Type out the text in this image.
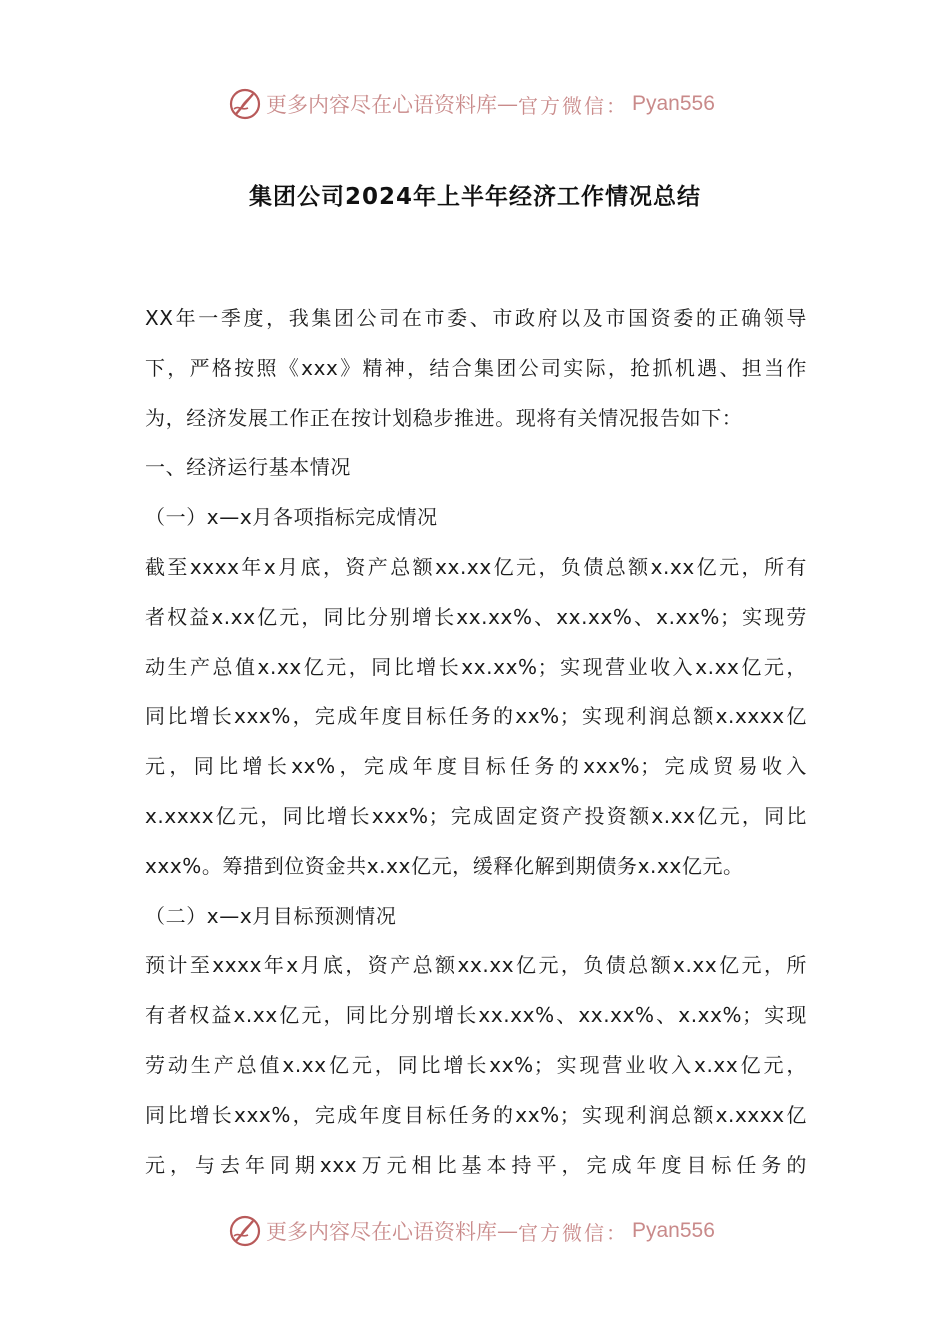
更多内容尽在心语资料库 — 官方微信： Pyan556
集团公司2024年上半年经济工作情况总结
XX年一季度，我集团公司在市委、市政府以及市国资委的正确领导
下，严格按照《xxx》精神，结合集团公司实际，抢抓机遇、担当作
为，经济发展工作正在按计划稳步推进。现将有关情况报告如下：
一、经济运行基本情况
（一）x—x月各项指标完成情况
截至xxxx年x月底，资产总额xx.xx亿元，负债总额x.xx亿元，所有
者权益x.xx亿元，同比分别增长xx.xx%、xx.xx%、x.xx%；实现劳
动生产总值x.xx亿元，同比增长xx.xx%；实现营业收入x.xx亿元，
同比增长xxx%，完成年度目标任务的xx%；实现利润总额x.xxxx亿
元，同比增长xx%，完成年度目标任务的xxx%；完成贸易收入
x.xxxx亿元，同比增长xxx%；完成固定资产投资额x.xx亿元，同比
xxx%。筹措到位资金共x.xx亿元，缓释化解到期债务x.xx亿元。
（二）x—x月目标预测情况
预计至xxxx年x月底，资产总额xx.xx亿元，负债总额x.xx亿元，所
有者权益x.xx亿元，同比分别增长xx.xx%、xx.xx%、x.xx%；实现
劳动生产总值x.xx亿元，同比增长xx%；实现营业收入x.xx亿元，
同比增长xxx%，完成年度目标任务的xx%；实现利润总额x.xxxx亿
元，与去年同期xxx万元相比基本持平，完成年度目标任务的
更多内容尽在心语资料库 — 官方微信： Pyan556
